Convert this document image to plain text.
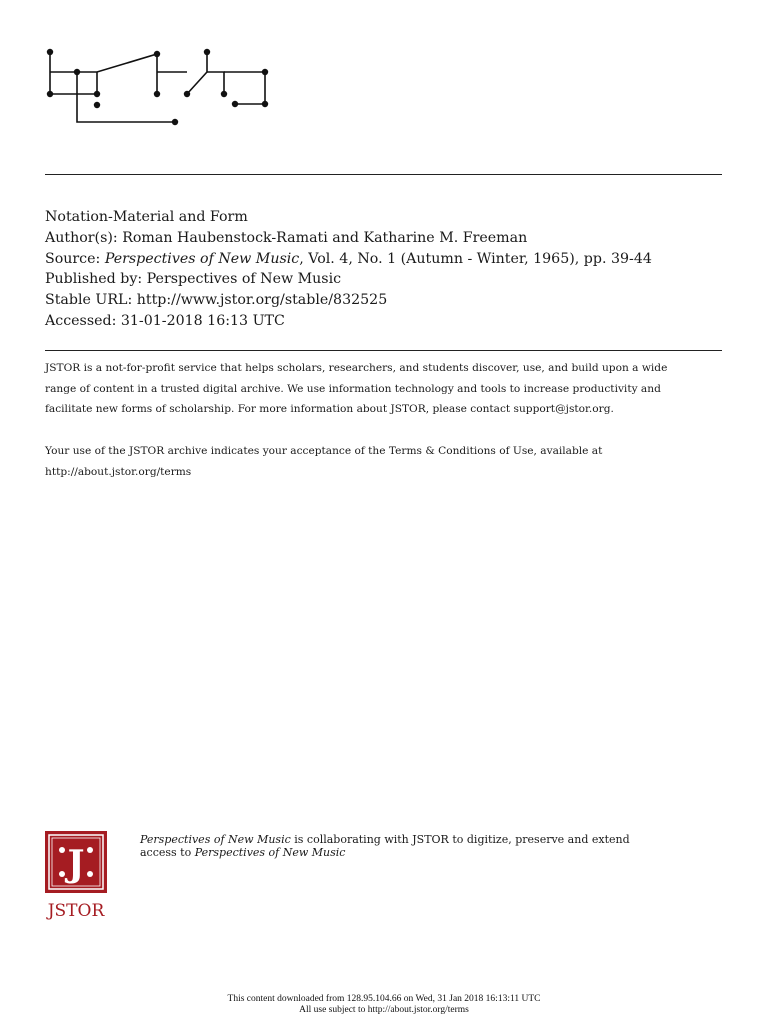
Notation-Material and Form
Author(s): Roman Haubenstock-Ramati and Katharine M. Freeman
Source: Perspectives of New Music, Vol. 4, No. 1 (Autumn - Winter, 1965), pp. 39-44
Published by: Perspectives of New Music
Stable URL: http://www.jstor.org/stable/832525
Accessed: 31-01-2018 16:13 UTC

JSTOR is a not-for-profit service that helps scholars, researchers, and students discover, use, and build upon a wide

range of content in a trusted digital archive. We use information technology and tools to increase productivity and

facilitate new forms of scholarship. For more information about JSTOR, please contact support@jstor.org.

Your use of the JSTOR archive indicates your acceptance of the Terms & Conditions of Use, available at

http://about.jstor.org/terms

J
JSTOR
Perspectives of New Music is collaborating with JSTOR to digitize, preserve and extend
access to Perspectives of New Music
This content downloaded from 128.95.104.66 on Wed, 31 Jan 2018 16:13:11 UTC
All use subject to http://about.jstor.org/terms
